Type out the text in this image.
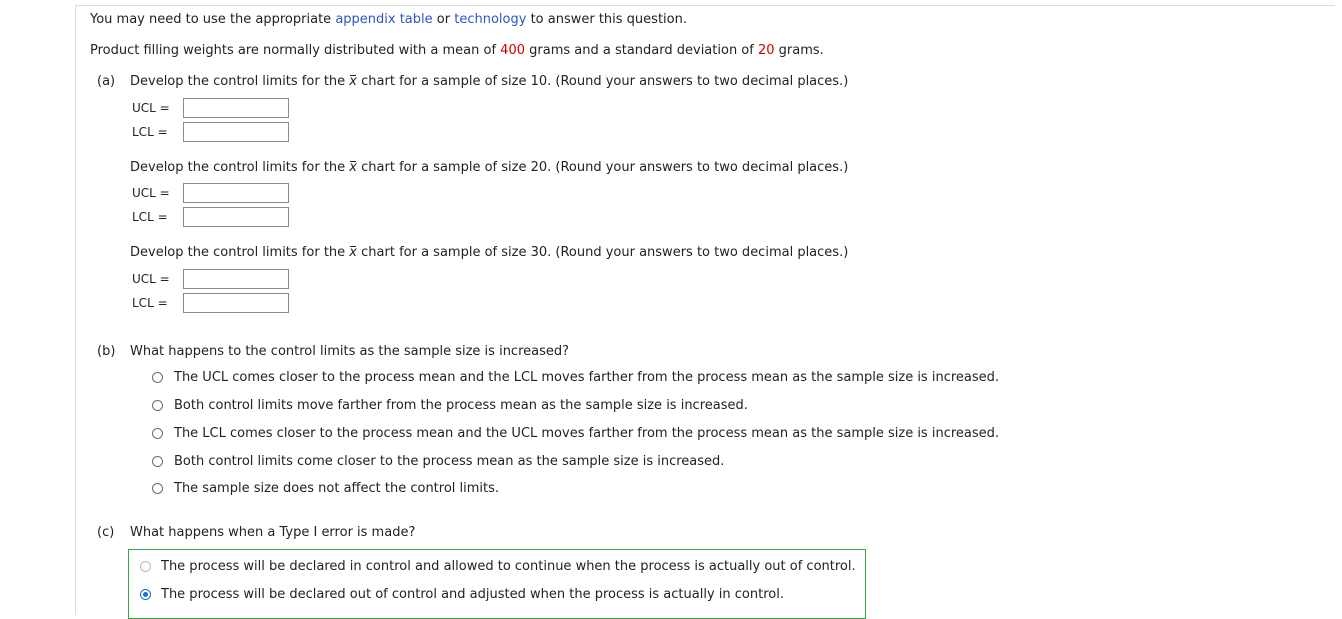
You may need to use the appropriate appendix table or technology to answer this question.
Product filling weights are normally distributed with a mean of 400 grams and a standard deviation of 20 grams.
(a) Develop the control limits for the x chart for a sample of size 10. (Round your answers to two decimal places.)
UCL =
LCL =
Develop the control limits for the x chart for a sample of size 20. (Round your answers to two decimal places.)
UCL =
LCL =
Develop the control limits for the x chart for a sample of size 30. (Round your answers to two decimal places.)
UCL =
LCL =
(b) What happens to the control limits as the sample size is increased?
The UCL comes closer to the process mean and the LCL moves farther from the process mean as the sample size is increased.
Both control limits move farther from the process mean as the sample size is increased.
The LCL comes closer to the process mean and the UCL moves farther from the process mean as the sample size is increased.
Both control limits come closer to the process mean as the sample size is increased.
The sample size does not affect the control limits.
(c) What happens when a Type I error is made?
The process will be declared in control and allowed to continue when the process is actually out of control.
The process will be declared out of control and adjusted when the process is actually in control.
